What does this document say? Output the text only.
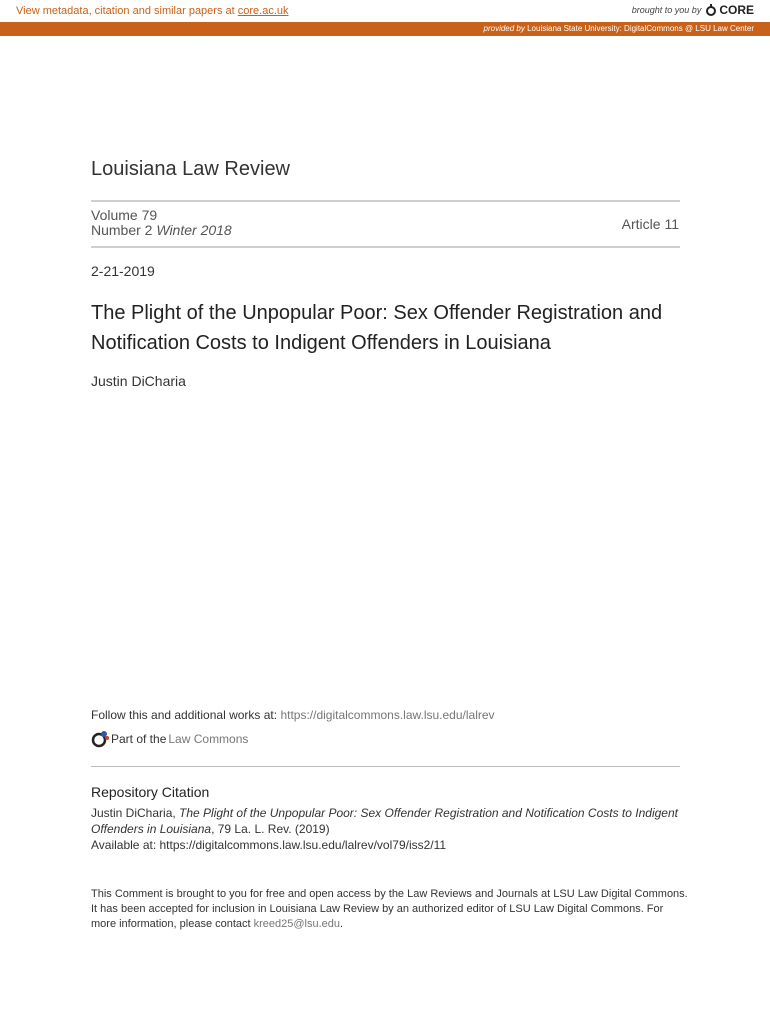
View metadata, citation and similar papers at core.ac.uk	brought to you by CORE
provided by Louisiana State University: DigitalCommons @ LSU Law Center
Louisiana Law Review
Volume 79
Number 2 Winter 2018	Article 11
2-21-2019
The Plight of the Unpopular Poor: Sex Offender Registration and Notification Costs to Indigent Offenders in Louisiana
Justin DiCharia
Follow this and additional works at: https://digitalcommons.law.lsu.edu/lalrev
Part of the Law Commons
Repository Citation
Justin DiCharia, The Plight of the Unpopular Poor: Sex Offender Registration and Notification Costs to Indigent Offenders in Louisiana, 79 La. L. Rev. (2019)
Available at: https://digitalcommons.law.lsu.edu/lalrev/vol79/iss2/11
This Comment is brought to you for free and open access by the Law Reviews and Journals at LSU Law Digital Commons. It has been accepted for inclusion in Louisiana Law Review by an authorized editor of LSU Law Digital Commons. For more information, please contact kreed25@lsu.edu.
